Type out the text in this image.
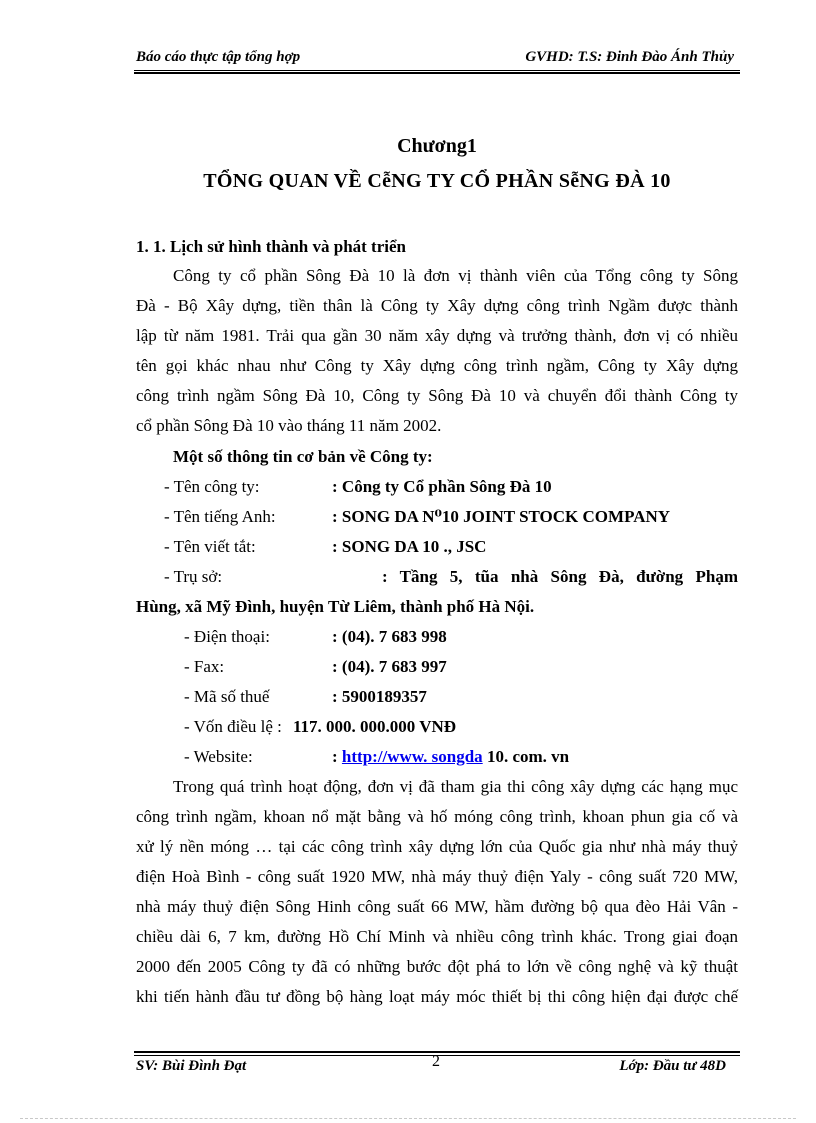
Báo cáo thực tập tổng hợp	GVHD: T.S: Đinh Đào Ánh Thủy
Chương1
TỔNG QUAN VỀ CễNG TY CỔ PHẦN SễNG ĐÀ 10
1. 1. Lịch sử hình thành và phát triển
Công ty cổ phần Sông Đà 10 là đơn vị thành viên của Tổng công ty Sông
Đà - Bộ Xây dựng, tiền thân là Công ty Xây dựng công trình Ngầm được thành
lập từ năm 1981. Trải qua gần 30 năm xây dựng và trưởng thành, đơn vị có nhiều
tên gọi khác nhau như Công ty Xây dựng công trình ngầm, Công ty Xây dựng
công trình ngầm Sông Đà 10, Công ty Sông Đà 10 và chuyển đổi thành Công ty
cổ phần Sông Đà 10 vào tháng 11 năm 2002.
Một số thông tin cơ bản về Công ty:
- Tên công ty:	: Công ty Cổ phần Sông Đà 10
- Tên tiếng Anh:	: SONG DA N⁰10 JOINT STOCK COMPANY
- Tên viết tắt:	: SONG DA 10 ., JSC
- Trụ sở:	: Tầng 5, tũa nhà Sông Đà, đường Phạm
Hùng, xã Mỹ Đình, huyện Từ Liêm, thành phố Hà Nội.
- Điện thoại:	: (04). 7 683 998
- Fax:	: (04). 7 683 997
- Mã số thuế	: 5900189357
- Vốn điều lệ : 117. 000. 000.000 VNĐ
- Website:	: http://www. songda 10. com. vn
Trong quá trình hoạt động, đơn vị đã tham gia thi công xây dựng các hạng mục
công trình ngầm, khoan nổ mặt bằng và hố móng công trình, khoan phun gia cố và
xử lý nền móng … tại các công trình xây dựng lớn của Quốc gia như nhà máy thuỷ
điện Hoà Bình - công suất 1920 MW, nhà máy thuỷ điện Yaly - công suất 720 MW,
nhà máy thuỷ điện Sông Hinh công suất 66 MW, hầm đường bộ qua đèo Hải Vân -
chiều dài 6, 7 km, đường Hồ Chí Minh và nhiều công trình khác. Trong giai đoạn
2000 đến 2005 Công ty đã có những bước đột phá to lớn về công nghệ và kỹ thuật
khi tiến hành đầu tư đồng bộ hàng loạt máy móc thiết bị thi công hiện đại được chế
2
SV: Bùi Đình Đạt	Lớp: Đầu tư 48D
